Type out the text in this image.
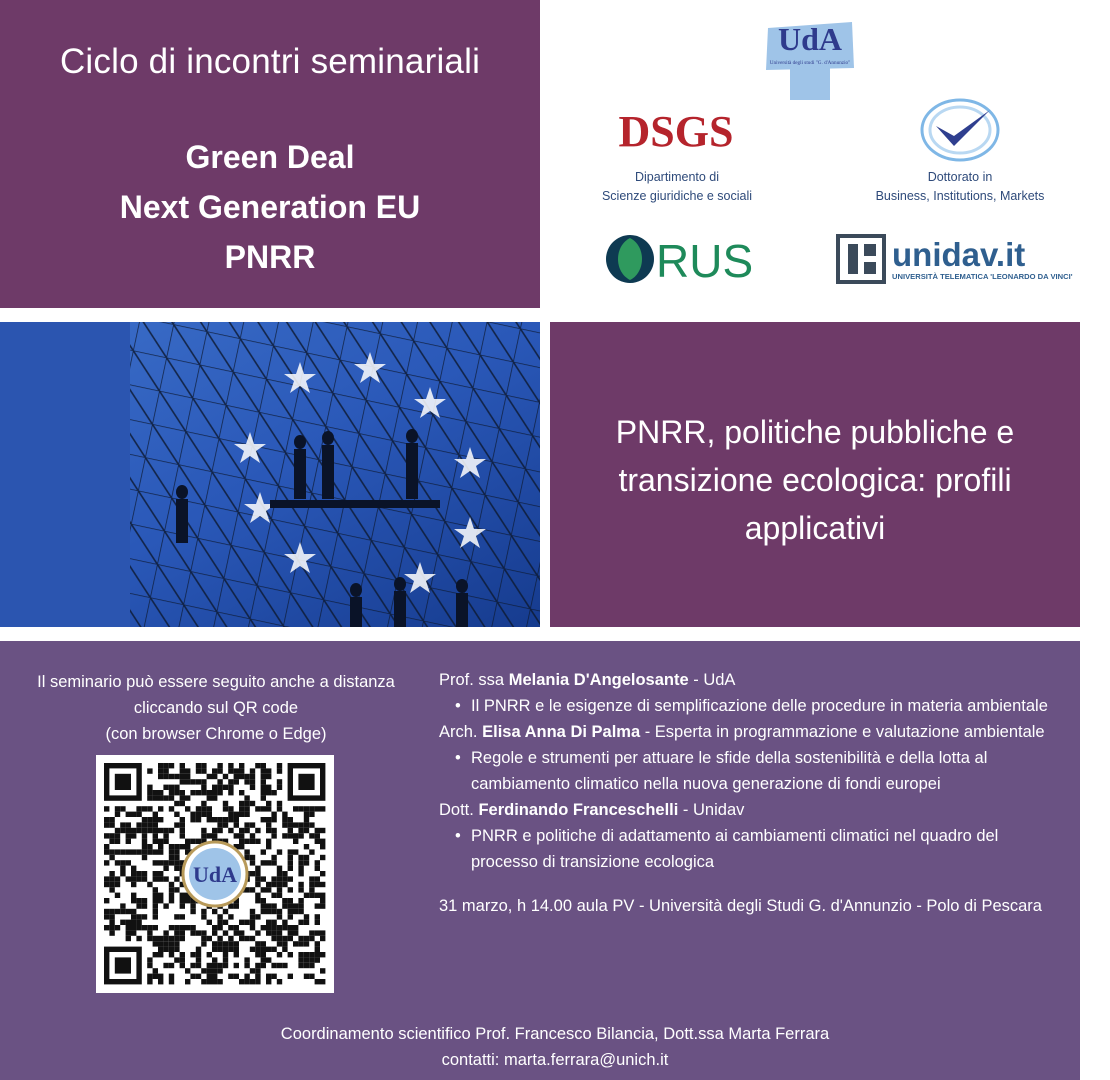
Ciclo di incontri seminariali
Green Deal
Next Generation EU
PNRR
UdA
Università degli studi "G. d'Annunzio"
DSGS
Dipartimento di
Scienze giuridiche e sociali
Dottorato in
Business, Institutions, Markets
RUS	unidav.it
UNIVERSITÀ TELEMATICA 'LEONARDO DA VINCI'
PNRR, politiche pubbliche e transizione ecologica: profili applicativi
Il seminario può essere seguito anche a distanza
cliccando sul QR code
(con browser Chrome o Edge)
UdA
Prof. ssa Melania D'Angelosante - UdA
• Il PNRR e le esigenze di semplificazione delle procedure in materia ambientale
Arch. Elisa Anna Di Palma - Esperta in programmazione e valutazione ambientale
• Regole e strumenti per attuare le sfide della sostenibilità e della lotta al cambiamento climatico nella nuova generazione di fondi europei
Dott. Ferdinando Franceschelli - Unidav
• PNRR e politiche di adattamento ai cambiamenti climatici nel quadro del processo di transizione ecologica
31 marzo, h 14.00 aula PV - Università degli Studi G. d'Annunzio - Polo di Pescara
Coordinamento scientifico Prof. Francesco Bilancia, Dott.ssa Marta Ferrara
contatti: marta.ferrara@unich.it
